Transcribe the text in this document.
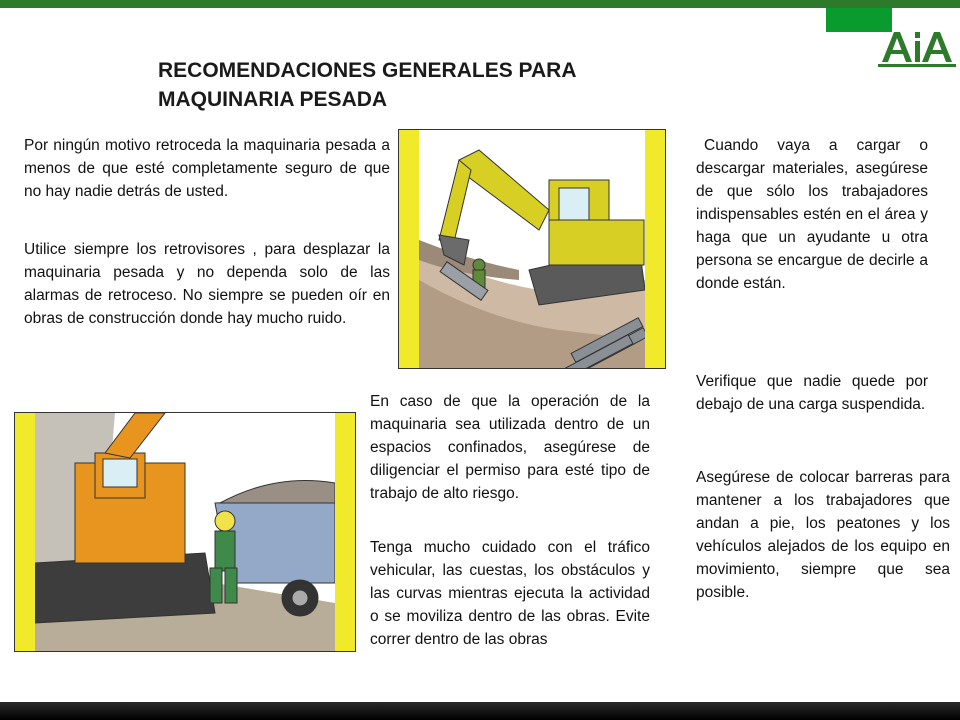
RECOMENDACIONES GENERALES PARA
MAQUINARIA PESADA

Por ningún motivo retroceda la maquinaria pesada a menos de que esté completamente seguro de que no hay nadie detrás de usted.

Utilice siempre los retrovisores , para desplazar la maquinaria pesada y no dependa solo de las alarmas de retroceso. No siempre se pueden oír en obras de construcción donde hay mucho ruido.

Cuando vaya a cargar o descargar materiales, asegúrese de que sólo los trabajadores indispensables estén en el área y haga que un ayudante u otra persona se encargue de decirle a donde están.

Verifique que nadie quede por debajo de una carga suspendida.

Asegúrese de colocar barreras para mantener a los trabajadores que andan a pie, los peatones y los vehículos alejados de los equipo en movimiento, siempre que sea posible.

En caso de que la operación de la maquinaria sea utilizada dentro de un espacios confinados, asegúrese de diligenciar el permiso para esté tipo de trabajo de alto riesgo.

Tenga mucho cuidado con el tráfico vehicular, las cuestas, los obstáculos y las curvas mientras ejecuta la actividad o se moviliza dentro de las obras. Evite correr dentro de las obras
